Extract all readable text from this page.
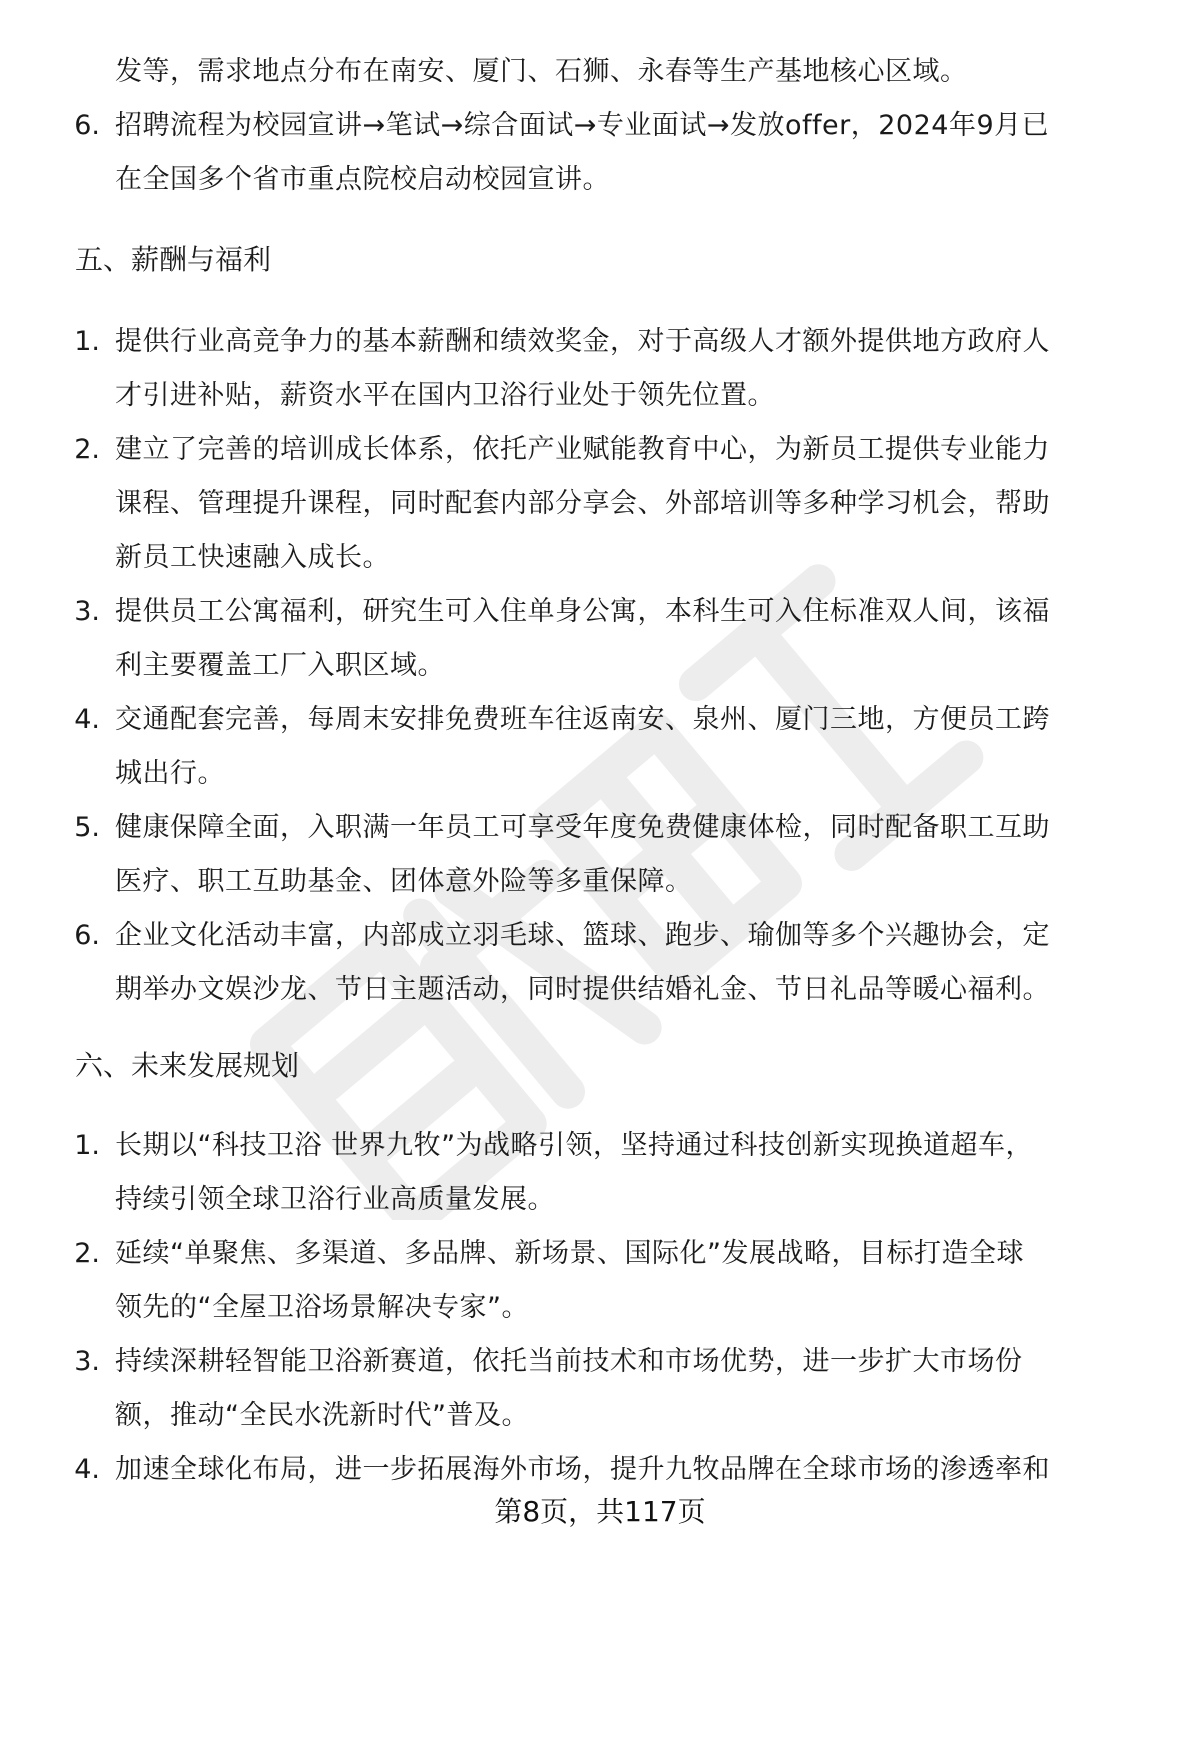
发等，需求地点分布在南安、厦门、石狮、永春等生产基地核心区域。
6. 招聘流程为校园宣讲→笔试→综合面试→专业面试→发放offer，2024年9月已
在全国多个省市重点院校启动校园宣讲。
五、薪酬与福利
1. 提供行业高竞争力的基本薪酬和绩效奖金，对于高级人才额外提供地方政府人
才引进补贴，薪资水平在国内卫浴行业处于领先位置。
2. 建立了完善的培训成长体系，依托产业赋能教育中心，为新员工提供专业能力
课程、管理提升课程，同时配套内部分享会、外部培训等多种学习机会，帮助
新员工快速融入成长。
3. 提供员工公寓福利，研究生可入住单身公寓，本科生可入住标准双人间，该福
利主要覆盖工厂入职区域。
4. 交通配套完善，每周末安排免费班车往返南安、泉州、厦门三地，方便员工跨
城出行。
5. 健康保障全面，入职满一年员工可享受年度免费健康体检，同时配备职工互助
医疗、职工互助基金、团体意外险等多重保障。
6. 企业文化活动丰富，内部成立羽毛球、篮球、跑步、瑜伽等多个兴趣协会，定
期举办文娱沙龙、节日主题活动，同时提供结婚礼金、节日礼品等暖心福利。
六、未来发展规划
1. 长期以“科技卫浴 世界九牧”为战略引领，坚持通过科技创新实现换道超车，
持续引领全球卫浴行业高质量发展。
2. 延续“单聚焦、多渠道、多品牌、新场景、国际化”发展战略，目标打造全球
领先的“全屋卫浴场景解决专家”。
3. 持续深耕轻智能卫浴新赛道，依托当前技术和市场优势，进一步扩大市场份
额，推动“全民水洗新时代”普及。
4. 加速全球化布局，进一步拓展海外市场，提升九牧品牌在全球市场的渗透率和
第8页，共117页
